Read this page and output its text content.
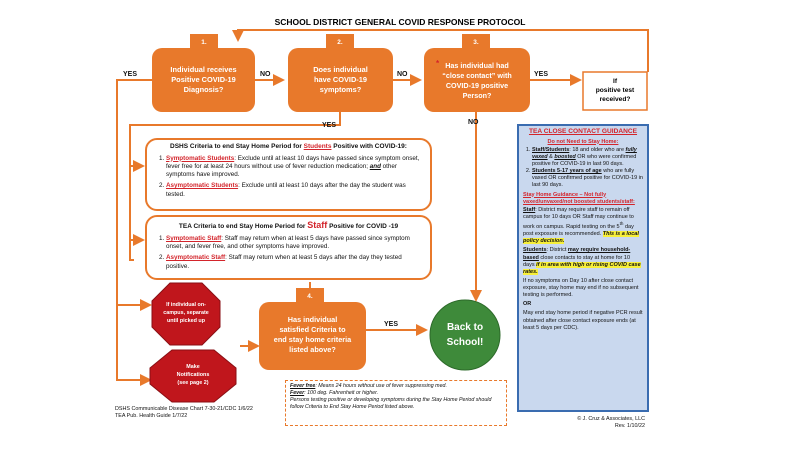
SCHOOL DISTRICT GENERAL COVID RESPONSE PROTOCOL
YES	NO	NO	YES
YES	NO
YES
1.
Individual receives
Positive COVID-19
Diagnosis?
2.
Does individual
have COVID-19
symptoms?
3.
* Has individual had
“close contact” with
COVID-19 positive
Person?
If
positive test
received?
If individual on-
campus, separate
until picked up
Make
Notifications
(see page 2)
4.
Has individual
satisfied Criteria to
end stay home criteria
listed above?
Back to
School!
DSHS Criteria to end Stay Home Period for Students Positive with COVID-19:
1. Symptomatic Students: Exclude until at least 10 days have passed since symptom onset, fever free for at least 24 hours without use of fever reduction medication; and other symptoms have improved.
2. Asymptomatic Students: Exclude until at least 10 days after the day the student was tested.
TEA Criteria to end Stay Home Period for Staff Positive for COVID -19
1. Symptomatic Staff: Staff may return when at least 5 days have passed since symptom onset, and fever free, and other symptoms have improved.
2. Asymptomatic Staff: Staff may return when at least 5 days after the day they tested positive.
TEA CLOSE CONTACT GUIDANCE
Do not Need to Stay Home:
1. Staff/Students: 18 and older who are fully vaxed & boosted OR who were confirmed positive for COVID-19 in last 90 days.
2. Students 5-17 years of age who are fully vaxed OR confirmed positive for COVID-19 in last 90 days.
Stay Home Guidance – Not fully vaxed/unvaxed/not boosted students/staff:

Staff: District may require staff to remain off campus for 10 days OR Staff may continue to work on campus. Rapid testing on the 5th day post exposure is recommended. This is a local policy decision.

Students: District may require household-based close contacts to stay at home for 10 days if in area with high or rising COVID case rates.

If no symptoms on Day 10 after close contact exposure, stay home may end if no subsequent testing is performed.

OR

May end stay home period if negative PCR result obtained after close contact exposure ends (at least 5 days per CDC).

Fever free: Means 24 hours without use of fever suppressing med.
Fever: 100 deg. Fahrenheit or higher.
Persons testing positive or developing symptoms during the Stay Home Period should follow Criteria to End Stay Home Period listed above.
DSHS Communicable Disease Chart 7-30-21/CDC 1/6/22
TEA Pub. Health Guide 1/7/22	© J. Cruz & Associates, LLC
Rev. 1/10/22
